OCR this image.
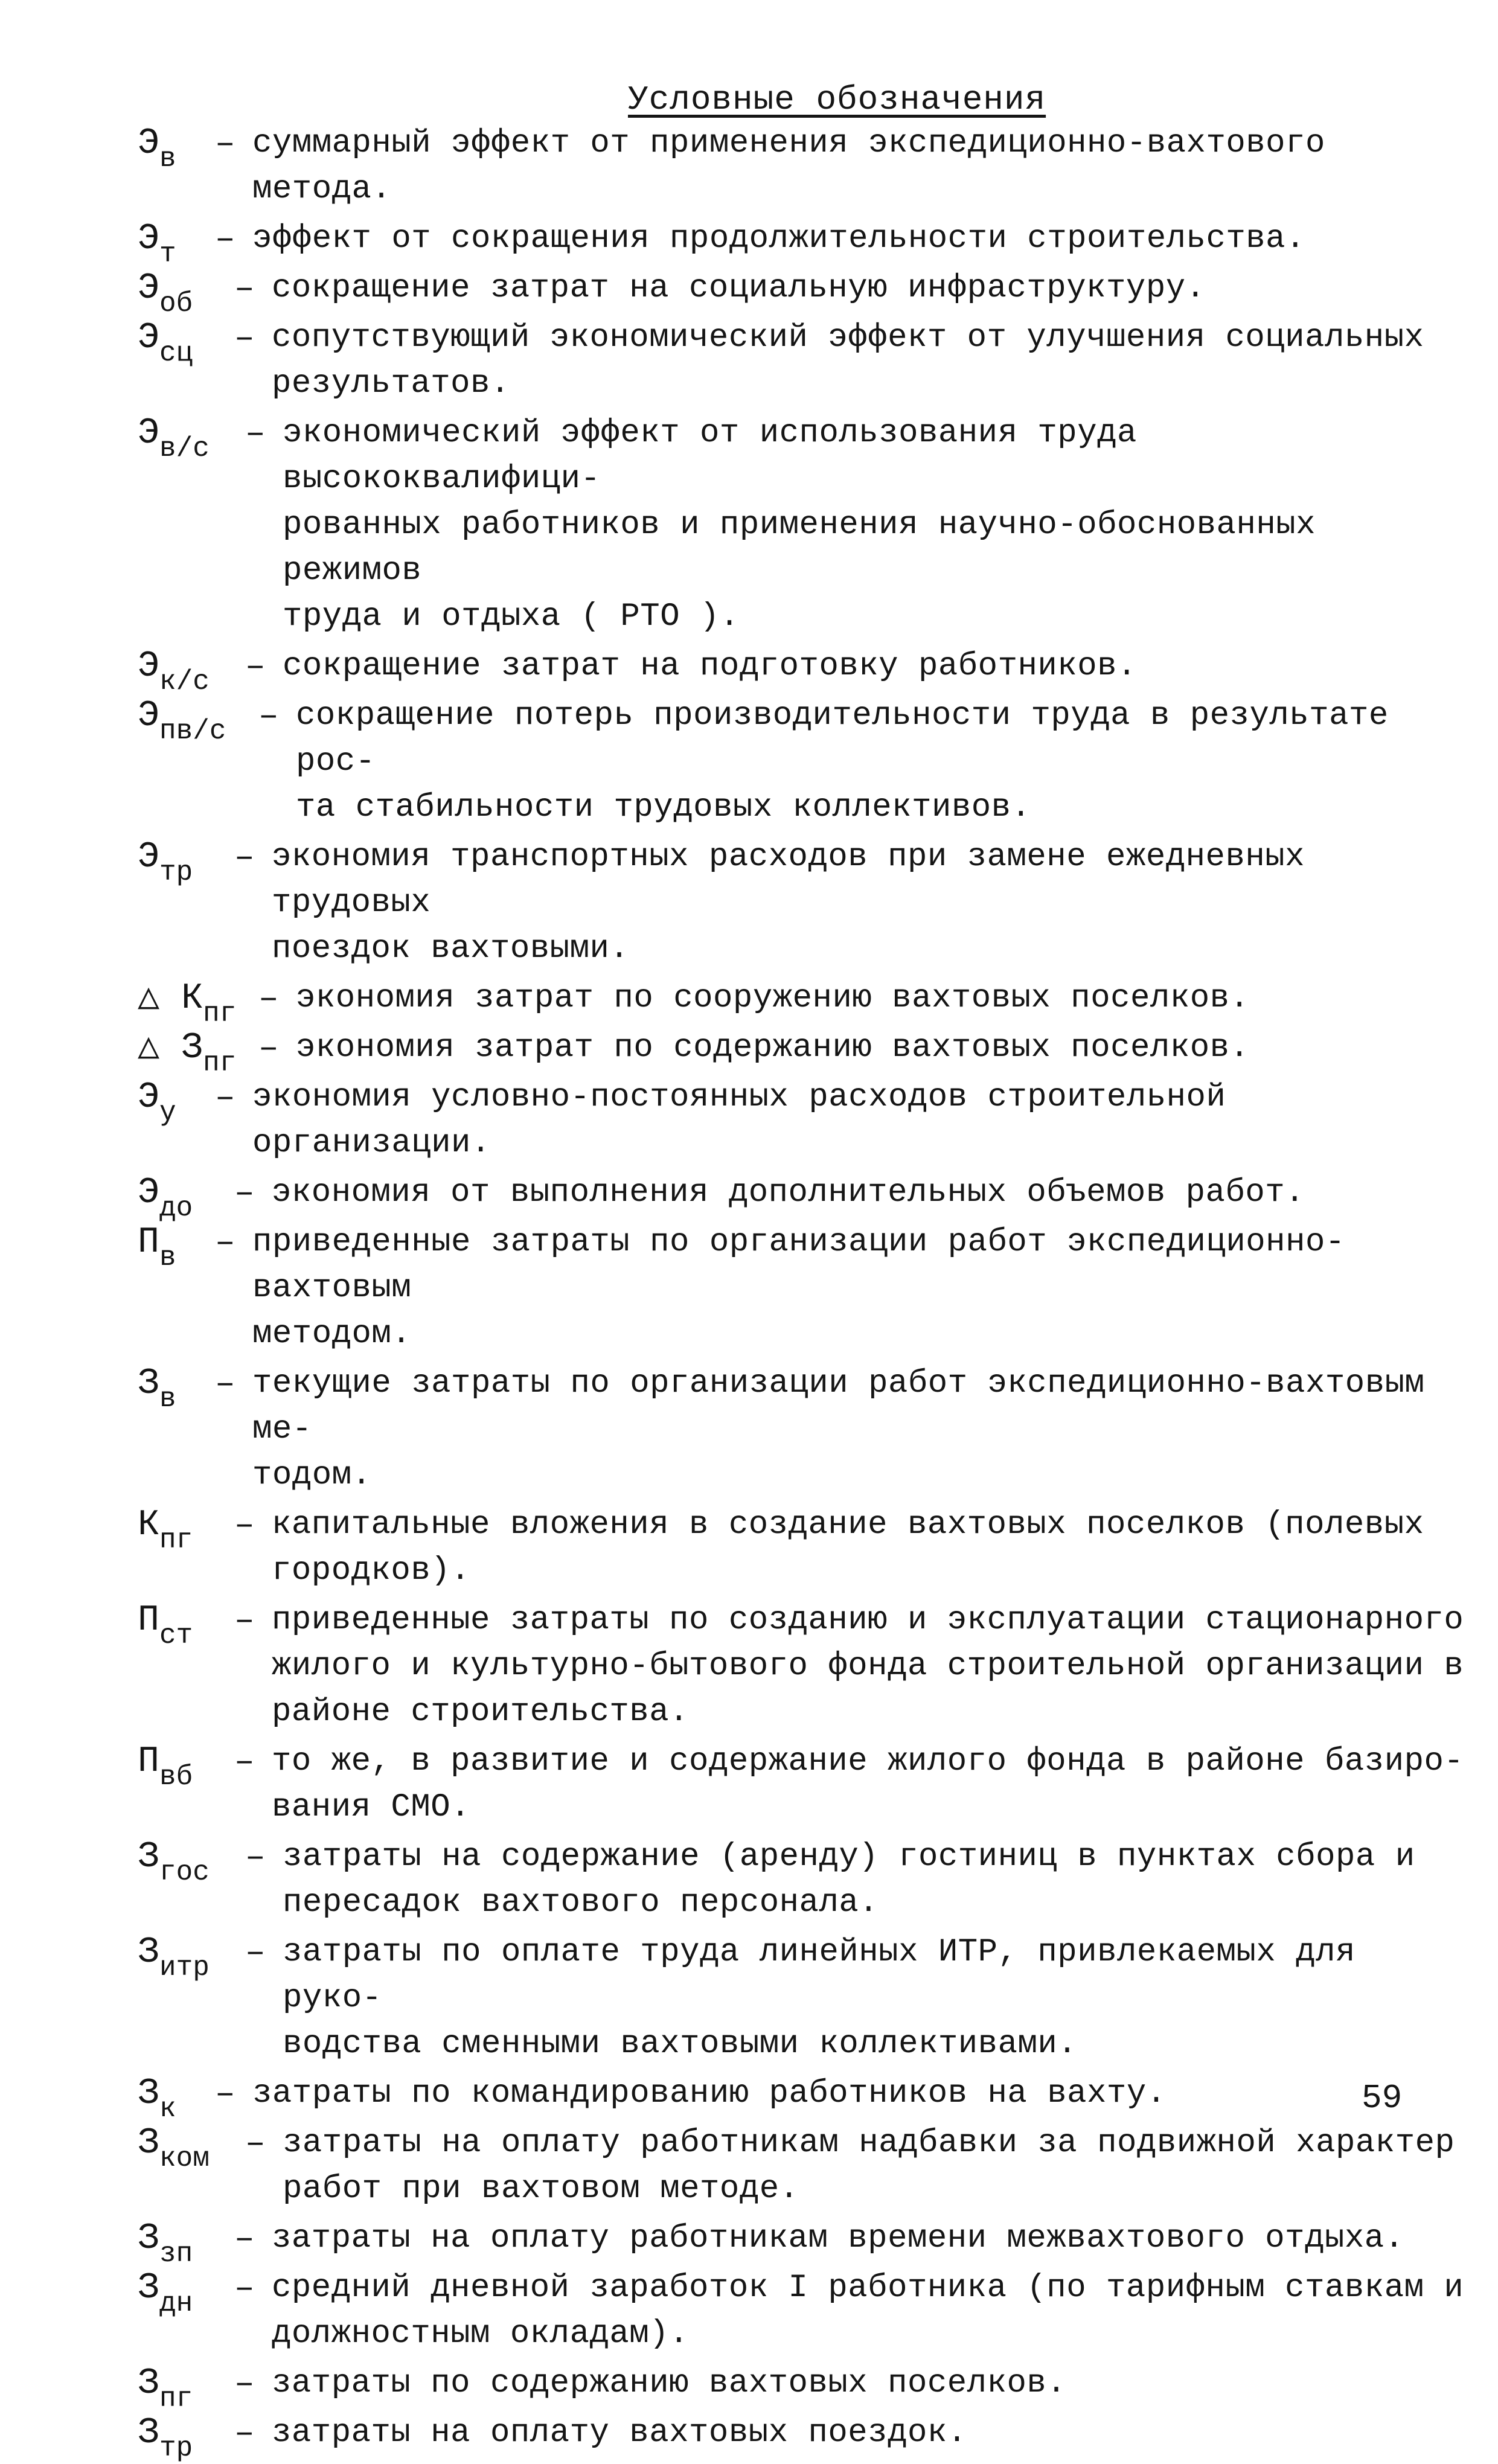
Условные обозначения
$Э_в$ – суммарный эффект от применения экспедиционно-вахтового метода.
$Э_т$ – эффект от сокращения продолжительности строительства.
$Э_{об}$ – сокращение затрат на социальную инфраструктуру.
$Э_{сц}$ – сопутствующий экономический эффект от улучшения социальных
результатов.
$Э_{в/с}$ – экономический эффект от использования труда высококвалифици-
рованных работников и применения научно-обоснованных режимов
труда и отдыха ( РТО ).
$Э_{к/с}$ – сокращение затрат на подготовку работников.
$Э_{пв/с}$ – сокращение потерь производительности труда в результате рос-
та стабильности трудовых коллективов.
$Э_{тр}$ – экономия транспортных расходов при замене ежедневных трудовых
поездок вахтовыми.
△ $К_{пг}$ – экономия затрат по сооружению вахтовых поселков.
△ $З_{пг}$ – экономия затрат по содержанию вахтовых поселков.
$Э_у$ – экономия условно-постоянных расходов строительной организации.
$Э_{до}$ – экономия от выполнения дополнительных объемов работ.
$П_в$ – приведенные затраты по организации работ экспедиционно-вахтовым
методом.
$З_в$ – текущие затраты по организации работ экспедиционно-вахтовым ме-
тодом.
$К_{пг}$ – капитальные вложения в создание вахтовых поселков (полевых
городков).
$П_{ст}$ – приведенные затраты по созданию и эксплуатации стационарного
жилого и культурно-бытового фонда строительной организации в
районе строительства.
$П_{вб}$ – то же, в развитие и содержание жилого фонда в районе базиро-
вания СМО.
$З_{гос}$ – затраты на содержание (аренду) гостиниц в пунктах сбора и
пересадок вахтового персонала.
$З_{итр}$ – затраты по оплате труда линейных ИТР, привлекаемых для руко-
водства сменными вахтовыми коллективами.
$З_к$ – затраты по командированию работников на вахту.
$З_{ком}$ – затраты на оплату работникам надбавки за подвижной характер
работ при вахтовом методе.
$З_{зп}$ – затраты на оплату работникам времени межвахтового отдыха.
$З_{дн}$ – средний дневной заработок I работника (по тарифным ставкам и
должностным окладам).
$З_{пг}$ – затраты по содержанию вахтовых поселков.
$З_{тр}$ – затраты на оплату вахтовых поездок.
59
